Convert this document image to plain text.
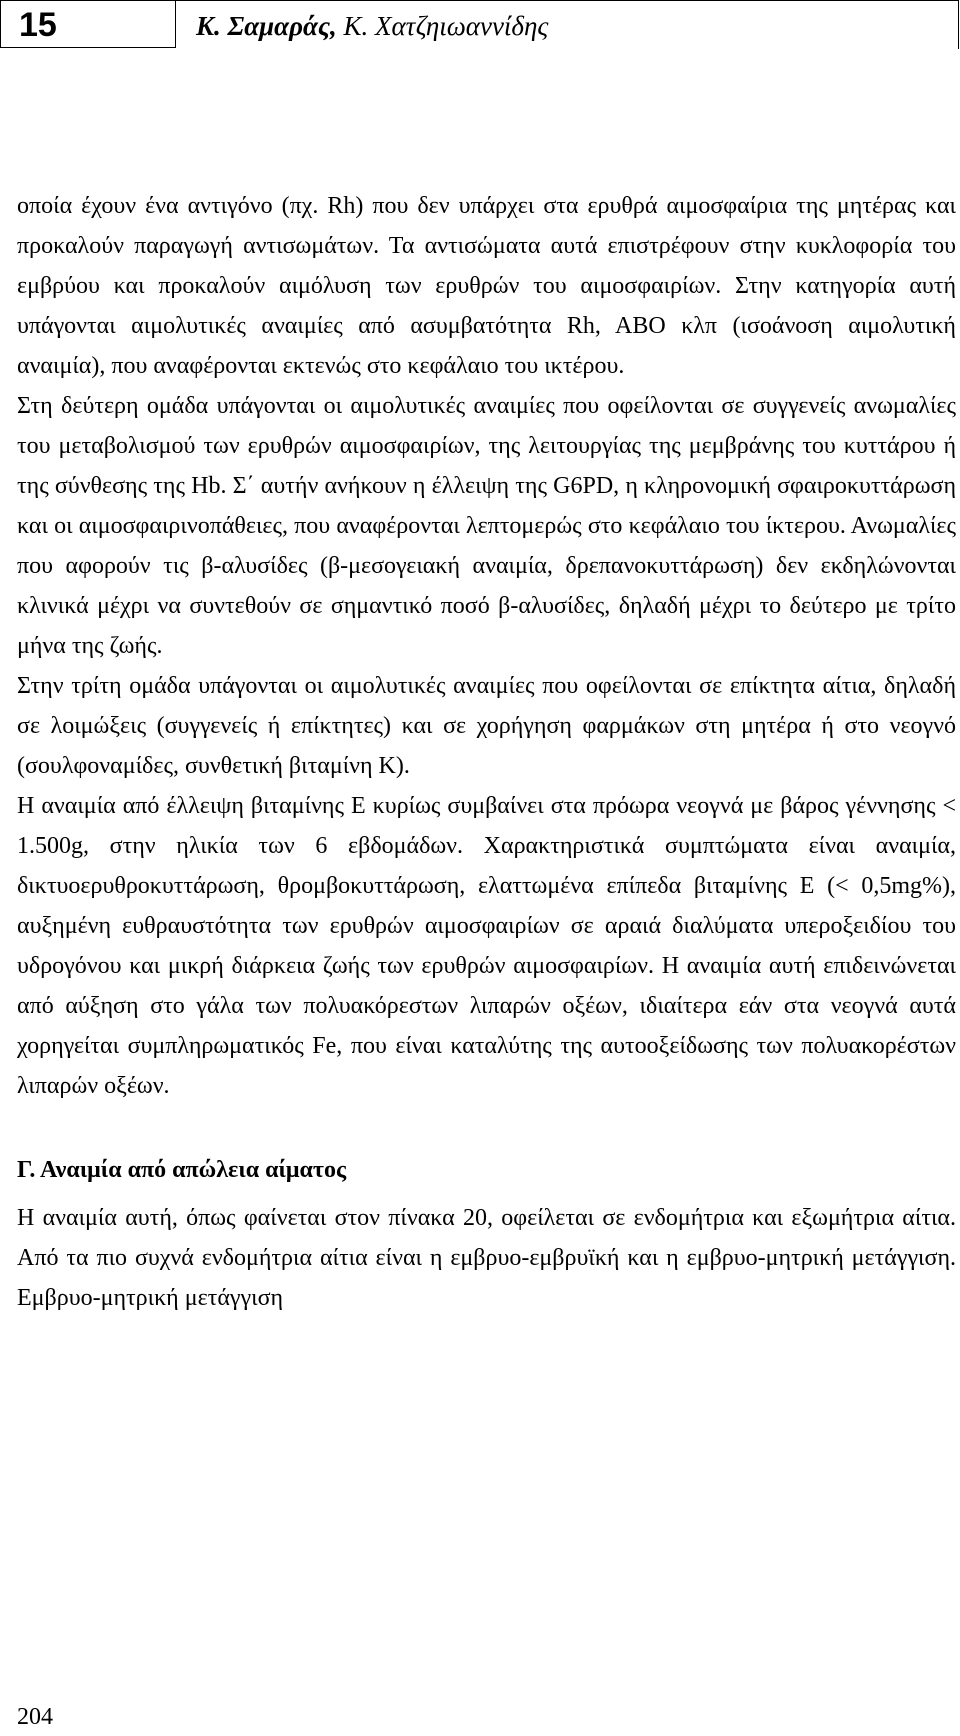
15	Κ. Σαμαράς, Κ. Χατζηιωαννίδης

οποία έχουν ένα αντιγόνο (πχ. Rh) που δεν υπάρχει στα ερυθρά αιμοσφαίρια της μητέρας και προκαλούν παραγωγή αντισωμάτων. Τα αντισώματα αυτά επιστρέφουν στην κυκλοφορία του εμβρύου και προκαλούν αιμόλυση των ερυθρών του αιμοσφαιρίων. Στην κατηγορία αυτή υπάγονται αιμολυτικές αναιμίες από ασυμβατότητα Rh, ABO κλπ (ισοάνοση αιμολυτική αναιμία), που αναφέρονται εκτενώς στο κεφάλαιο του ικτέρου.

Στη δεύτερη ομάδα υπάγονται οι αιμολυτικές αναιμίες που οφείλονται σε συγγενείς ανωμαλίες του μεταβολισμού των ερυθρών αιμοσφαιρίων, της λειτουργίας της μεμβράνης του κυττάρου ή της σύνθεσης της Hb. Σ΄ αυτήν ανήκουν η έλλειψη της G6PD, η κληρονομική σφαιροκυττάρωση και οι αιμοσφαιρινοπάθειες, που αναφέρονται λεπτομερώς στο κεφάλαιο του ίκτερου. Ανωμαλίες που αφορούν τις β-αλυσίδες (β-μεσογειακή αναιμία, δρεπανοκυττάρωση) δεν εκδηλώνονται κλινικά μέχρι να συντεθούν σε σημαντικό ποσό β-αλυσίδες, δηλαδή μέχρι το δεύτερο με τρίτο μήνα της ζωής.

Στην τρίτη ομάδα υπάγονται οι αιμολυτικές αναιμίες που οφείλονται σε επίκτητα αίτια, δηλαδή σε λοιμώξεις (συγγενείς ή επίκτητες) και σε χορήγηση φαρμάκων στη μητέρα ή στο νεογνό (σουλφοναμίδες, συνθετική βιταμίνη Κ).

Η αναιμία από έλλειψη βιταμίνης Ε κυρίως συμβαίνει στα πρόωρα νεογνά με βάρος γέννησης < 1.500g, στην ηλικία των 6 εβδομάδων. Χαρακτηριστικά συμπτώματα είναι αναιμία, δικτυοερυθροκυττάρωση, θρομβοκυττάρωση, ελαττωμένα επίπεδα βιταμίνης Ε (< 0,5mg%), αυξημένη ευθραυστότητα των ερυθρών αιμοσφαιρίων σε αραιά διαλύματα υπεροξειδίου του υδρογόνου και μικρή διάρκεια ζωής των ερυθρών αιμοσφαιρίων. Η αναιμία αυτή επιδεινώνεται από αύξηση στο γάλα των πολυακόρεστων λιπαρών οξέων, ιδιαίτερα εάν στα νεογνά αυτά χορηγείται συμπληρωματικός Fe, που είναι καταλύτης της αυτοοξείδωσης των πολυακορέστων λιπαρών οξέων.

Γ. Αναιμία από απώλεια αίματος

Η αναιμία αυτή, όπως φαίνεται στον πίνακα 20, οφείλεται σε ενδομήτρια και εξωμήτρια αίτια. Από τα πιο συχνά ενδομήτρια αίτια είναι η εμβρυο-εμβρυϊκή και η εμβρυο-μητρική μετάγγιση. Εμβρυο-μητρική μετάγγιση

204
